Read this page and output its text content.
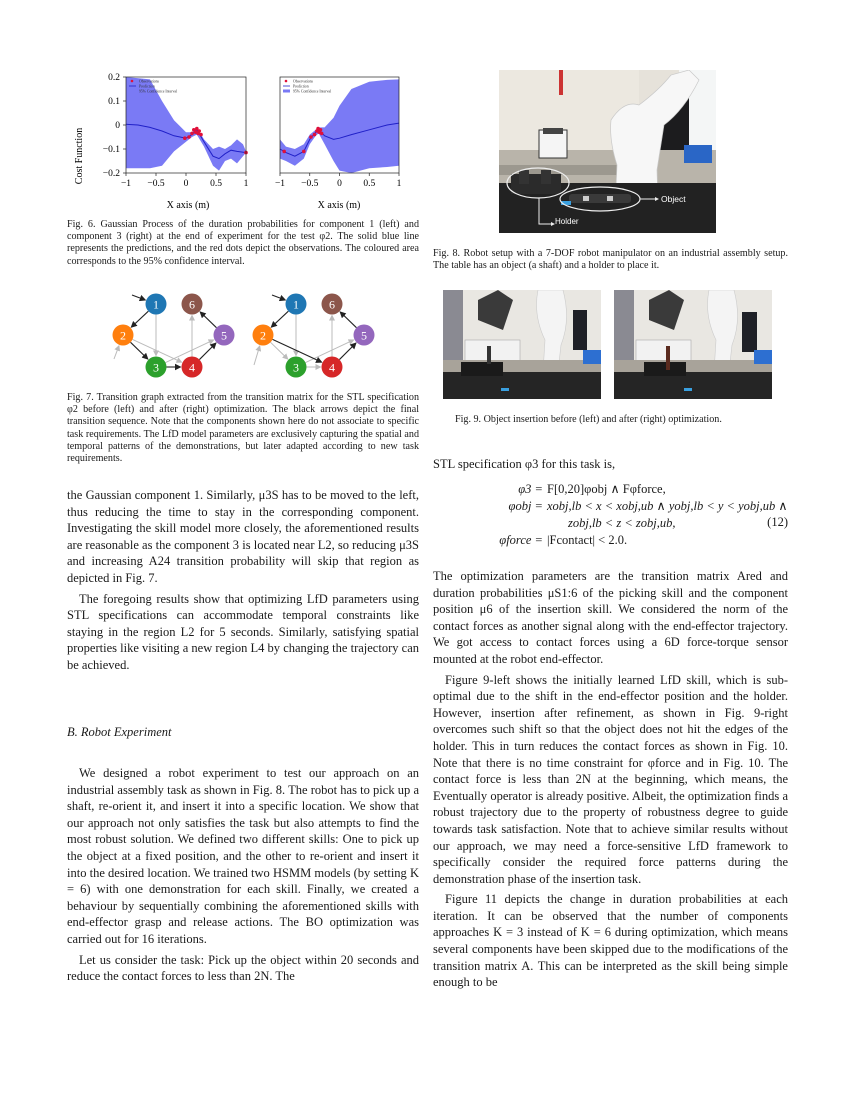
Cost Function
X axis (m)	X axis (m)
−1 −0.5 0 0.5 1
0.2
0.1
0
−0.1
−0.2
Observations
Prediction
95% Confidence Interval
−1 −0.5 0 0.5 1
Observations
Prediction
95% Confidence Interval
Fig. 6. Gaussian Process of the duration probabilities for component 1 (left) and component 3 (right) at the end of experiment for the test φ2. The solid blue line represents the predictions, and the red dots depict the observations. The coloured area corresponds to the 95% confidence interval.
1
2
3	4
5
6	1
2
3	4
5
6
Fig. 7. Transition graph extracted from the transition matrix for the STL specification φ2 before (left) and after (right) optimization. The black arrows depict the final transition sequence. Note that the components shown here do not associate to specific task requirements. The LfD model parameters are exclusively capturing the spatial and temporal patterns of the demonstrations, but later adapted according to new task requirements.

the Gaussian component 1. Similarly, μ3S has to be moved to the left, thus reducing the time to stay in the corresponding component. Investigating the skill model more closely, the aforementioned results are reasonable as the component 3 is located near L2, so reducing μ3S and increasing A24 transition probability will skip that region as depicted in Fig. 7.

The foregoing results show that optimizing LfD parameters using STL specifications can accommodate temporal constraints like staying in the region L2 for 5 seconds. Similarly, satisfying spatial properties like visiting a new region L4 by changing the trajectory can be achieved.

B. Robot Experiment

We designed a robot experiment to test our approach on an industrial assembly task as shown in Fig. 8. The robot has to pick up a shaft, re-orient it, and insert it into a specific location. We show that our approach not only satisfies the task but also attempts to find the most robust solution. We defined two different skills: One to pick up the object at a fixed position, and the other to re-orient and insert it into the desired location. We trained two HSMM models (by setting K = 6) with one demonstration for each skill. Finally, we created a behaviour by sequentially combining the aforementioned skills with end-effector grasp and release actions. The BO optimization was carried out for 16 iterations.

Let us consider the task: Pick up the object within 20 seconds and reduce the contact forces to less than 2N. The

Holder
Object
Fig. 8. Robot setup with a 7-DOF robot manipulator on an industrial assembly setup. The table has an object (a shaft) and a holder to place it.
Fig. 9. Object insertion before (left) and after (right) optimization.
STL specification φ3 for this task is,
φ3 = F[0,20]φobj ∧ Fφforce,
φobj = xobj,lb < x < xobj,ub ∧ yobj,lb < y < yobj,ub ∧
zobj,lb < z < zobj,ub,
φforce = |Fcontact| < 2.0.
(12)

The optimization parameters are the transition matrix Ared and duration probabilities μS1:6 of the picking skill and the component position μ6 of the insertion skill. We considered the norm of the contact forces as another signal along with the end-effector trajectory. We got access to contact forces using a 6D force-torque sensor mounted at the robot end-effector.

Figure 9-left shows the initially learned LfD skill, which is sub-optimal due to the shift in the end-effector position and the holder. However, insertion after refinement, as shown in Fig. 9-right overcomes such shift so that the object does not hit the edges of the holder. This in turn reduces the contact forces as shown in Fig. 10. Note that there is no time constraint for φforce and in Fig. 10. The contact force is less than 2N at the beginning, which means, the Eventually operator is already positive. Albeit, the optimization finds a robust trajectory due to the property of robustness degree to guide towards task satisfaction. Note that to achieve similar results without our approach, we may need a force-sensitive LfD framework to specifically consider the required force patterns during the demonstration phase of the insertion task.

Figure 11 depicts the change in duration probabilities at each iteration. It can be observed that the number of components approaches K = 3 instead of K = 6 during optimization, which means several components have been skipped due to the modifications of the transition matrix A. This can be interpreted as the skill being simple enough to be
